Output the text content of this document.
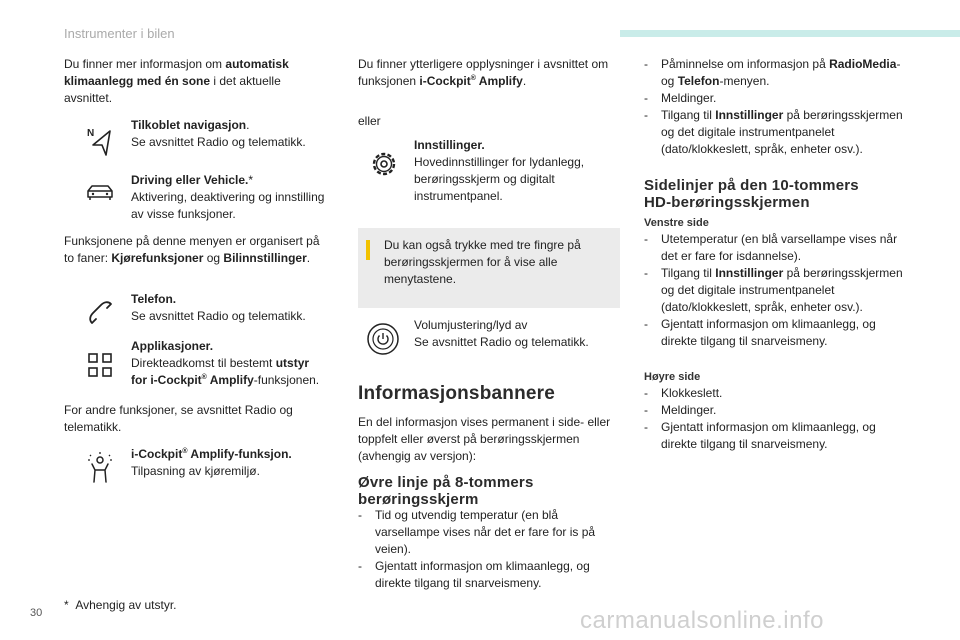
Instrumenter i bilen
Du finner mer informasjon om automatisk klimaanlegg med én sone i det aktuelle avsnittet.
N
Tilkoblet navigasjon.
Se avsnittet Radio og telematikk.
Driving eller Vehicle.*
Aktivering, deaktivering og innstilling av visse funksjoner.
Funksjonene på denne menyen er organisert på to faner: Kjørefunksjoner og Bilinnstillinger.
Telefon.
Se avsnittet Radio og telematikk.
Applikasjoner.
Direkteadkomst til bestemt utstyr
for i-Cockpit® Amplify-funksjonen.
For andre funksjoner, se avsnittet Radio og telematikk.
i-Cockpit® Amplify-funksjon.
Tilpasning av kjøremiljø.
* Avhengig av utstyr.
Du finner ytterligere opplysninger i avsnittet om funksjonen i-Cockpit® Amplify.
eller
Innstillinger.
Hovedinnstillinger for lydanlegg, berøringsskjerm og digitalt instrumentpanel.
Du kan også trykke med tre fingre på berøringsskjermen for å vise alle menytastene.
Volumjustering/lyd av
Se avsnittet Radio og telematikk.
Informasjonsbannere
En del informasjon vises permanent i side- eller toppfelt eller øverst på berøringsskjermen (avhengig av versjon):
Øvre linje på 8-tommers
berøringsskjerm
- Tid og utvendig temperatur (en blå varsellampe vises når det er fare for is på veien).
- Gjentatt informasjon om klimaanlegg, og direkte tilgang til snarveismeny.
- Påminnelse om informasjon på RadioMedia- og Telefon-menyen.
- Meldinger.
- Tilgang til Innstillinger på berøringsskjermen og det digitale instrumentpanelet (dato/klokkeslett, språk, enheter osv.).
Sidelinjer på den 10-tommers
HD-berøringsskjermen
Venstre side
- Utetemperatur (en blå varsellampe vises når det er fare for isdannelse).
- Tilgang til Innstillinger på berøringsskjermen og det digitale instrumentpanelet (dato/klokkeslett, språk, enheter osv.).
- Gjentatt informasjon om klimaanlegg, og direkte tilgang til snarveismeny.
Høyre side
- Klokkeslett.
- Meldinger.
- Gjentatt informasjon om klimaanlegg, og direkte tilgang til snarveismeny.
30	carmanualsonline.info
